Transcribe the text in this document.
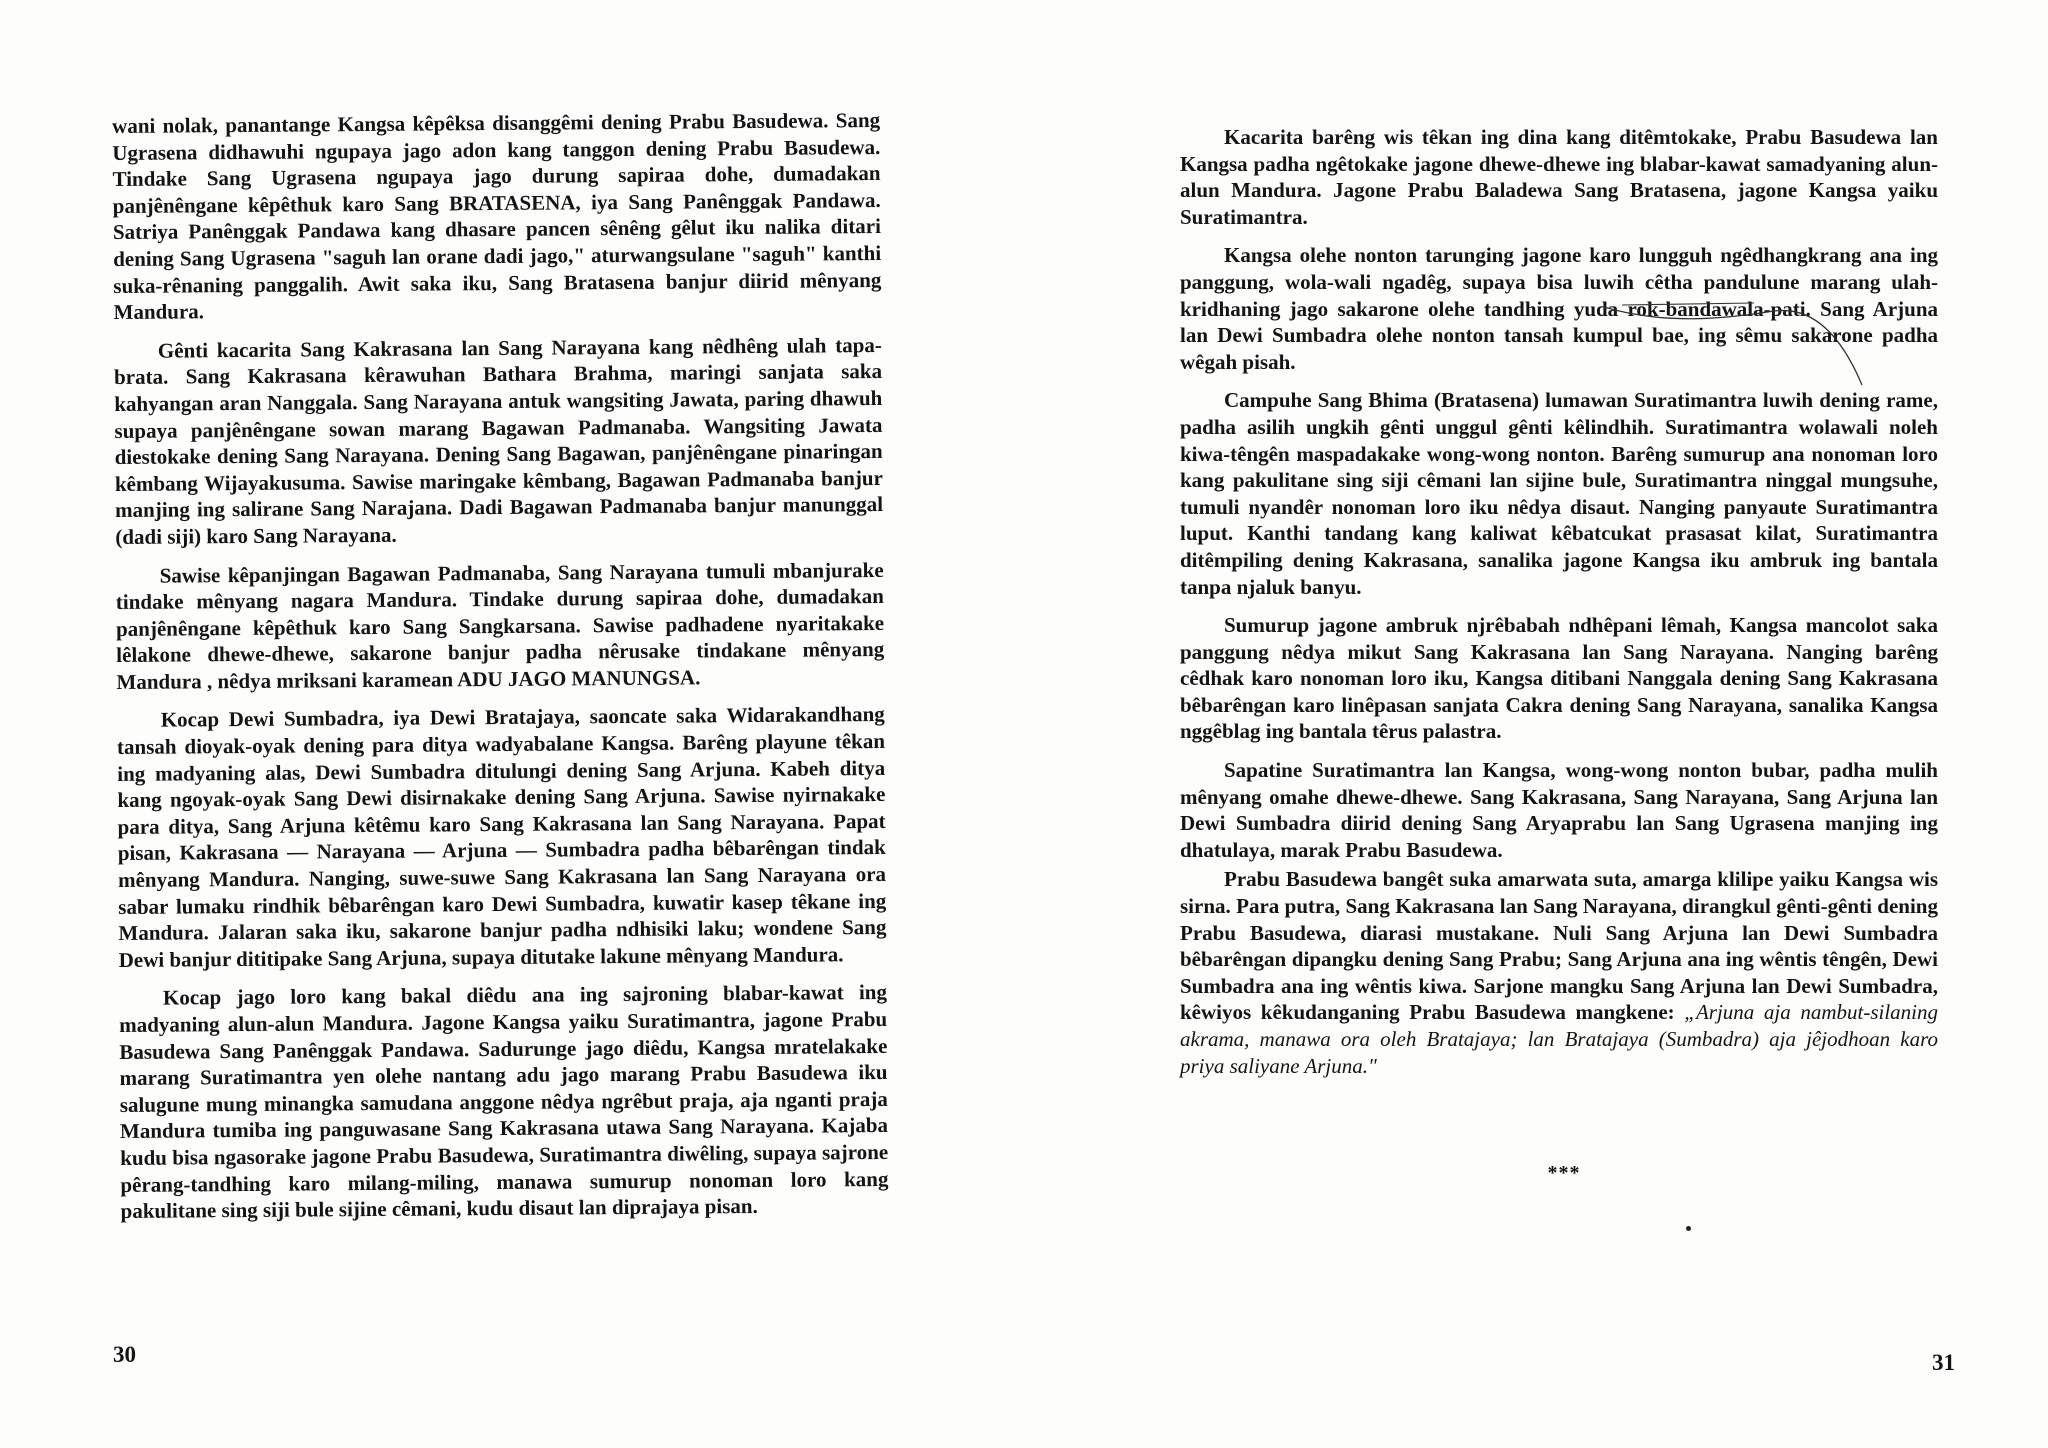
wani nolak, panantange Kangsa kêpêksa disanggêmi dening Prabu Basudewa. Sang Ugrasena didhawuhi ngupaya jago adon kang tanggon dening Prabu Basudewa. Tindake Sang Ugrasena ngupaya jago durung sapiraa dohe, dumadakan panjênêngane kêpêthuk karo Sang BRATASENA, iya Sang Panênggak Pandawa. Satriya Panênggak Pandawa kang dhasare pancen sênêng gêlut iku nalika ditari dening Sang Ugrasena "saguh lan orane dadi jago," aturwangsulane "saguh" kanthi suka-rênaning panggalih. Awit saka iku, Sang Bratasena banjur diirid mênyang Mandura.

Gênti kacarita Sang Kakrasana lan Sang Narayana kang nêdhêng ulah tapa-brata. Sang Kakrasana kêrawuhan Bathara Brahma, maringi sanjata saka kahyangan aran Nanggala. Sang Narayana antuk wangsiting Jawata, paring dhawuh supaya panjênêngane sowan marang Bagawan Padmanaba. Wangsiting Jawata diestokake dening Sang Narayana. Dening Sang Bagawan, panjênêngane pinaringan kêmbang Wijayakusuma. Sawise maringake kêmbang, Bagawan Padmanaba banjur manjing ing salirane Sang Narajana. Dadi Bagawan Padmanaba banjur manunggal (dadi siji) karo Sang Narayana.

Sawise kêpanjingan Bagawan Padmanaba, Sang Narayana tumuli mbanjurake tindake mênyang nagara Mandura. Tindake durung sapiraa dohe, dumadakan panjênêngane kêpêthuk karo Sang Sangkarsana. Sawise padhadene nyaritakake lêlakone dhewe-dhewe, sakarone banjur padha nêrusake tindakane mênyang Mandura , nêdya mriksani karamean ADU JAGO MANUNGSA.

Kocap Dewi Sumbadra, iya Dewi Bratajaya, saoncate saka Widarakandhang tansah dioyak-oyak dening para ditya wadyabalane Kangsa. Barêng playune têkan ing madyaning alas, Dewi Sumbadra ditulungi dening Sang Arjuna. Kabeh ditya kang ngoyak-oyak Sang Dewi disirnakake dening Sang Arjuna. Sawise nyirnakake para ditya, Sang Arjuna kêtêmu karo Sang Kakrasana lan Sang Narayana. Papat pisan, Kakrasana — Narayana — Arjuna — Sumbadra padha bêbarêngan tindak mênyang Mandura. Nanging, suwe-suwe Sang Kakrasana lan Sang Narayana ora sabar lumaku rindhik bêbarêngan karo Dewi Sumbadra, kuwatir kasep têkane ing Mandura. Jalaran saka iku, sakarone banjur padha ndhisiki laku; wondene Sang Dewi banjur dititipake Sang Arjuna, supaya ditutake lakune mênyang Mandura.

Kocap jago loro kang bakal diêdu ana ing sajroning blabar-kawat ing madyaning alun-alun Mandura. Jagone Kangsa yaiku Suratimantra, jagone Prabu Basudewa Sang Panênggak Pandawa. Sadurunge jago diêdu, Kangsa mratelakake marang Suratimantra yen olehe nantang adu jago marang Prabu Basudewa iku salugune mung minangka samudana anggone nêdya ngrêbut praja, aja nganti praja Mandura tumiba ing panguwasane Sang Kakrasana utawa Sang Narayana. Kajaba kudu bisa ngasorake jagone Prabu Basudewa, Suratimantra diwêling, supaya sajrone pêrang-tandhing karo milang-miling, manawa sumurup nonoman loro kang pakulitane sing siji bule sijine cêmani, kudu disaut lan diprajaya pisan.

30

Kacarita barêng wis têkan ing dina kang ditêmtokake, Prabu Basudewa lan Kangsa padha ngêtokake jagone dhewe-dhewe ing blabar-kawat samadyaning alun-alun Mandura. Jagone Prabu Baladewa Sang Bratasena, jagone Kangsa yaiku Suratimantra.

Kangsa olehe nonton tarunging jagone karo lungguh ngêdhangkrang ana ing panggung, wola-wali ngadêg, supaya bisa luwih cêtha pandulune marang ulah-kridhaning jago sakarone olehe tandhing yuda rok-bandawala-pati. Sang Arjuna lan Dewi Sumbadra olehe nonton tansah kumpul bae, ing sêmu sakarone padha wêgah pisah.

Campuhe Sang Bhima (Bratasena) lumawan Suratimantra luwih dening rame, padha asilih ungkih gênti unggul gênti kêlindhih. Suratimantra wolawali noleh kiwa-têngên maspadakake wong-wong nonton. Barêng sumurup ana nonoman loro kang pakulitane sing siji cêmani lan sijine bule, Suratimantra ninggal mungsuhe, tumuli nyandêr nonoman loro iku nêdya disaut. Nanging panyaute Suratimantra luput. Kanthi tandang kang kaliwat kêbatcukat prasasat kilat, Suratimantra ditêmpiling dening Kakrasana, sanalika jagone Kangsa iku ambruk ing bantala tanpa njaluk banyu.

Sumurup jagone ambruk njrêbabah ndhêpani lêmah, Kangsa mancolot saka panggung nêdya mikut Sang Kakrasana lan Sang Narayana. Nanging barêng cêdhak karo nonoman loro iku, Kangsa ditibani Nanggala dening Sang Kakrasana bêbarêngan karo linêpasan sanjata Cakra dening Sang Narayana, sanalika Kangsa nggêblag ing bantala têrus palastra.

Sapatine Suratimantra lan Kangsa, wong-wong nonton bubar, padha mulih mênyang omahe dhewe-dhewe. Sang Kakrasana, Sang Narayana, Sang Arjuna lan Dewi Sumbadra diirid dening Sang Aryaprabu lan Sang Ugrasena manjing ing dhatulaya, marak Prabu Basudewa.

Prabu Basudewa bangêt suka amarwata suta, amarga klilipe yaiku Kangsa wis sirna. Para putra, Sang Kakrasana lan Sang Narayana, dirangkul gênti-gênti dening Prabu Basudewa, diarasi mustakane. Nuli Sang Arjuna lan Dewi Sumbadra bêbarêngan dipangku dening Sang Prabu; Sang Arjuna ana ing wêntis têngên, Dewi Sumbadra ana ing wêntis kiwa. Sarjone mangku Sang Arjuna lan Dewi Sumbadra, kêwiyos kêkudanganing Prabu Basudewa mangkene: „Arjuna aja nambut-silaning akrama, manawa ora oleh Bratajaya; lan Bratajaya (Sumbadra) aja jêjodhoan karo priya saliyane Arjuna."

***
31
